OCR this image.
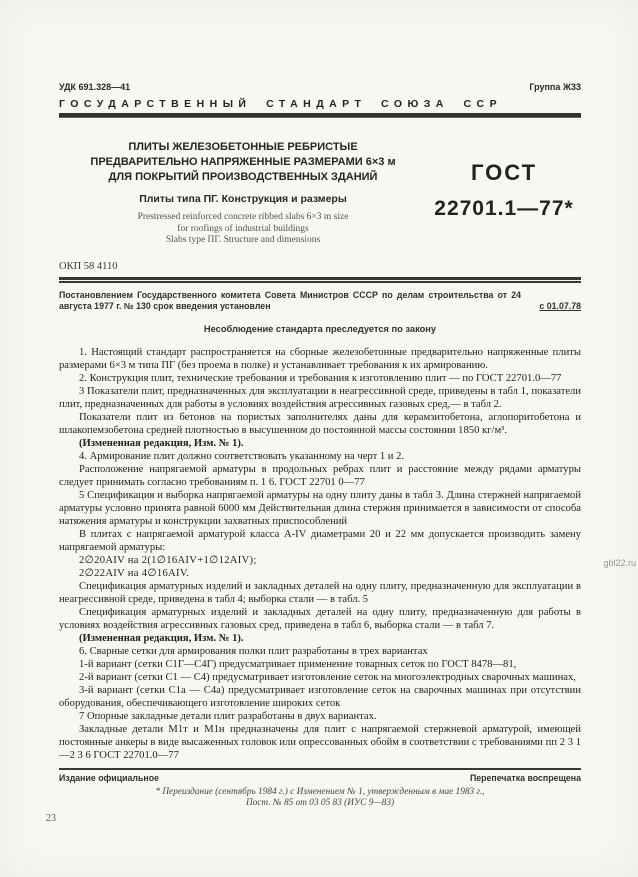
УДК 691.328—41	Группа Ж33
ГОСУДАРСТВЕННЫЙ СТАНДАРТ СОЮЗА ССР
ПЛИТЫ ЖЕЛЕЗОБЕТОННЫЕ РЕБРИСТЫЕ
ПРЕДВАРИТЕЛЬНО НАПРЯЖЕННЫЕ РАЗМЕРАМИ 6×3 м
ДЛЯ ПОКРЫТИЙ ПРОИЗВОДСТВЕННЫХ ЗДАНИЙ
Плиты типа ПГ. Конструкция и размеры
Prestressed reinforced concrete ribbed slabs 6×3 m size
for roofings of industrial buildings
Slabs type ПГ. Structure and dimensions
ГОСТ
22701.1—77*
ОКП 58 4110
Постановлением Государственного комитета Совета Министров СССР по делам строительства от 24 августа 1977 г. № 130 срок введения установлен	с 01.07.78
Несоблюдение стандарта преследуется по закону

1. Настоящий стандарт распространяется на сборные железобетонные предварительно напряженные плиты размерами 6×3 м типа ПГ (без проема в полке) и устанавливает требования к их армированию.

2. Конструкция плит, технические требования и требования к изготовлению плит — по ГОСТ 22701.0—77

3 Показатели плит, предназначенных для эксплуатации в неагрессивной среде, приведены в табл 1, показатели плит, предназначенных для работы в условиях воздействия агрессивных газовых сред,— в табл 2.

Показатели плит из бетонов на пористых заполнителях даны для керамзитобетона, аглопоритобетона и шлакопемзобетона средней плотностью в высушенном до постоянной массы состоянии 1850 кг/м³.

(Измененная редакция, Изм. № 1).

4. Армирование плит должно соответствовать указанному на черт 1 и 2.

Расположение напрягаемой арматуры в продольных ребрах плит и расстояние между рядами арматуры следует принимать согласно требованиям п. 1 6. ГОСТ 22701 0—77

5 Спецификация и выборка напрягаемой арматуры на одну плиту даны в табл 3. Длина стержней напрягаемой арматуры условно принята равной 6000 мм Действительная длина стержня принимается в зависимости от способа натяжения арматуры и конструкции захватных приспособлений

В плитах с напрягаемой арматурой класса А-IV диаметрами 20 и 22 мм допускается производить замену напрягаемой арматуры:

2∅20АIV на 2(1∅16АIV+1∅12АIV);

2∅22АIV на 4∅16АIV.

Спецификация арматурных изделий и закладных деталей на одну плиту, предназначенную для эксплуатации в неагрессивной среде, приведена в табл 4; выборка стали — в табл. 5

Спецификация арматурных изделий и закладных деталей на одну плиту, предназначенную для работы в условиях воздействия агрессивных газовых сред, приведена в табл 6, выборка стали — в табл 7.

(Измененная редакция, Изм. № 1).

6. Сварные сетки для армирования полки плит разработаны в трех вариантах

1-й вариант (сетки С1Г—С4Г) предусматривает применение товарных сеток по ГОСТ 8478—81,

2-й вариант (сетки С1 — С4) предусматривает изготовление сеток на многоэлектродных сварочных машинах,

3-й вариант (сетки С1а — С4а) предусматривает изготовление сеток на сварочных машинах при отсутствии оборудования, обеспечивающего изготовление широких сеток

7 Опорные закладные детали плит разработаны в двух вариантах.

Закладные детали М1т и М1н предназначены для плит с напрягаемой стержневой арматурой, имеющей постоянные анкеры в виде высаженных головок или опрессованных обойм в соответствии с требованиями пп 2 3 1—2 3 6 ГОСТ 22701.0—77

Издание официальное	Перепечатка воспрещена
* Переиздание (сентябрь 1984 г.) с Изменением № 1, утвержденным в мае 1983 г.,
Пост. № 85 от 03 05 83 (ИУС 9—83)
23
gbl22.ru
